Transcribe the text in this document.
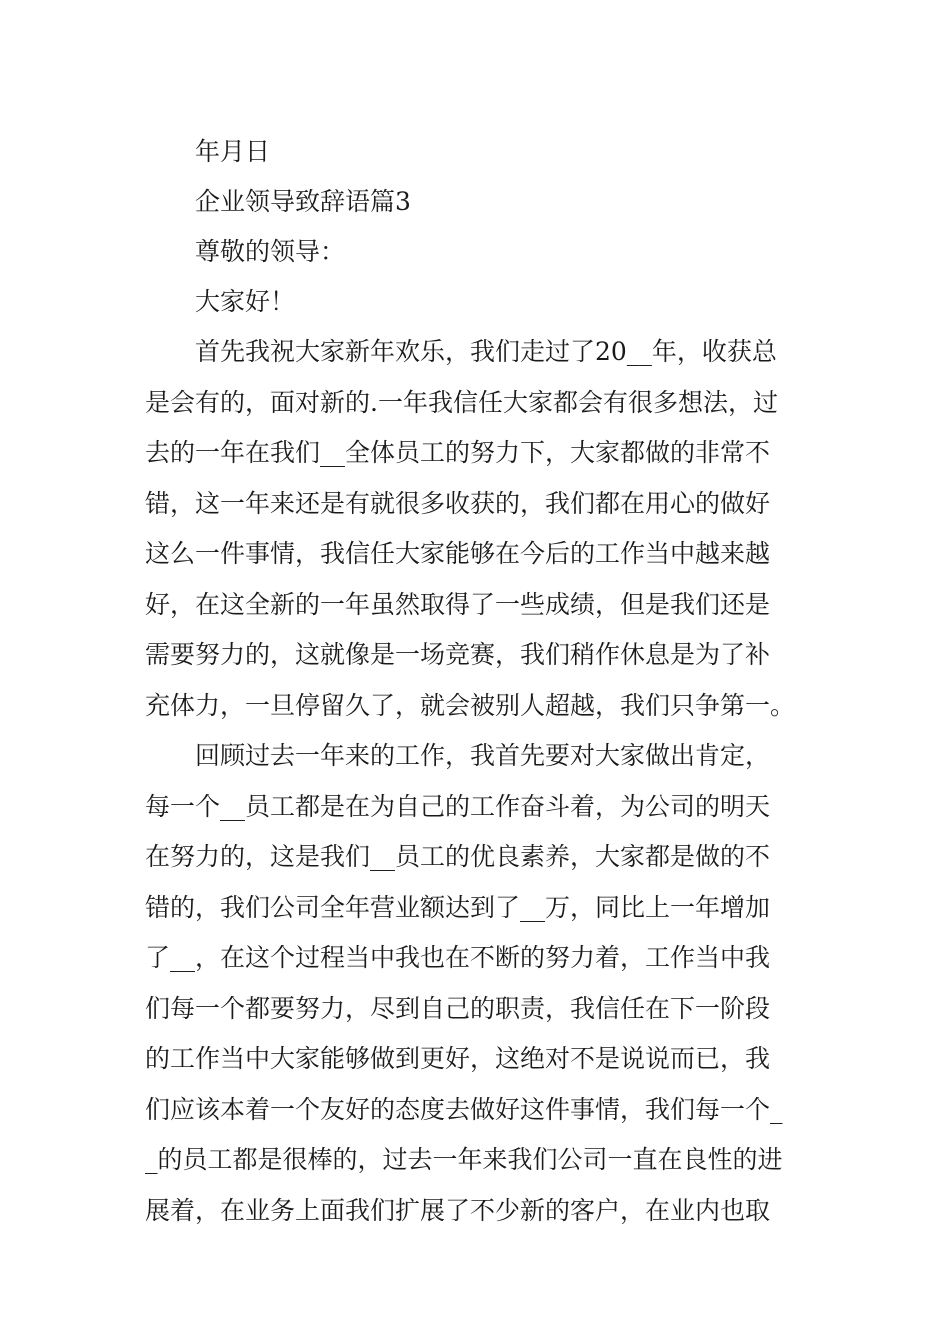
年月日

企业领导致辞语篇3

尊敬的领导：

大家好！

首先我祝大家新年欢乐，我们走过了20__年，收获总
是会有的，面对新的.一年我信任大家都会有很多想法，过
去的一年在我们__全体员工的努力下，大家都做的非常不
错，这一年来还是有就很多收获的，我们都在用心的做好
这么一件事情，我信任大家能够在今后的工作当中越来越
好，在这全新的一年虽然取得了一些成绩，但是我们还是
需要努力的，这就像是一场竞赛，我们稍作休息是为了补
充体力，一旦停留久了，就会被别人超越，我们只争第一。
回顾过去一年来的工作，我首先要对大家做出肯定，
每一个__员工都是在为自己的工作奋斗着，为公司的明天
在努力的，这是我们__员工的优良素养，大家都是做的不
错的，我们公司全年营业额达到了__万，同比上一年增加
了__，在这个过程当中我也在不断的努力着，工作当中我
们每一个都要努力，尽到自己的职责，我信任在下一阶段
的工作当中大家能够做到更好，这绝对不是说说而已，我
们应该本着一个友好的态度去做好这件事情，我们每一个_
_的员工都是很棒的，过去一年来我们公司一直在良性的进
展着，在业务上面我们扩展了不少新的客户，在业内也取
